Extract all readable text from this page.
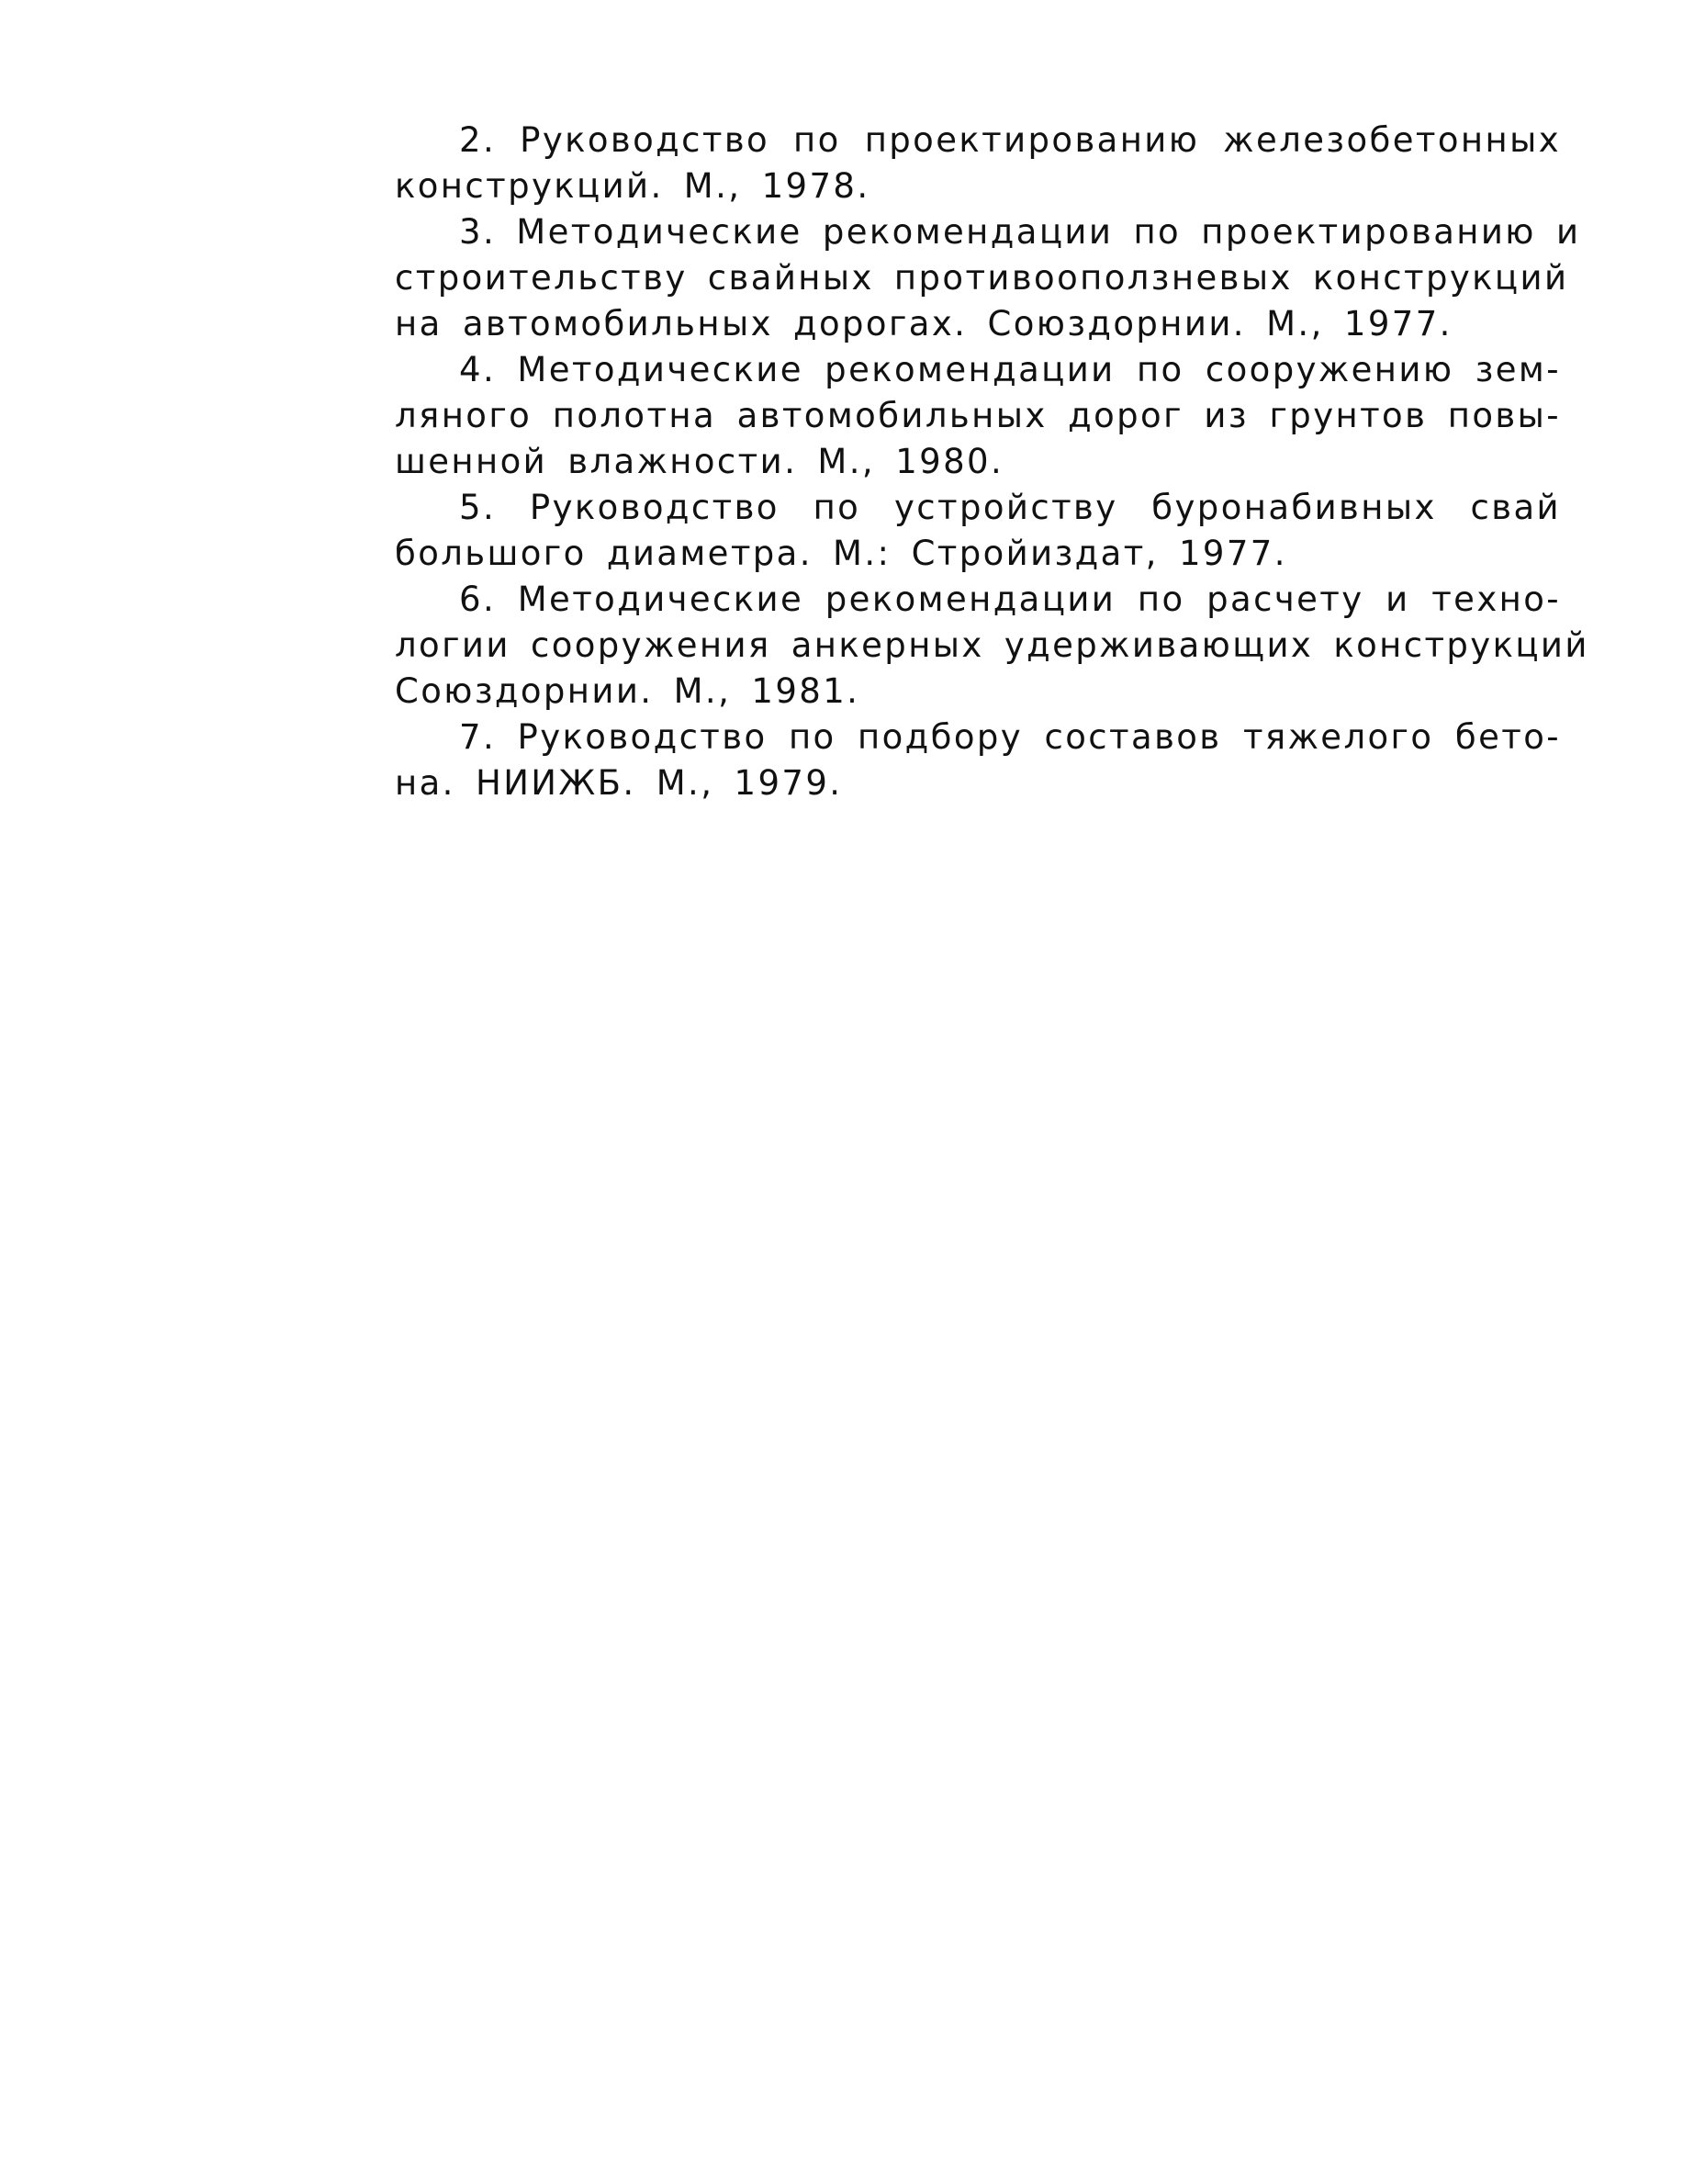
2. Руководство по проектированию железобетонных
конструкций. М., 1978.
3. Методические рекомендации по проектированию и
строительству свайных противооползневых конструкций
на автомобильных дорогах. Союздорнии. М., 1977.
4. Методические рекомендации по сооружению зем-
ляного полотна автомобильных дорог из грунтов повы-
шенной влажности. М., 1980.
5. Руководство по устройству буронабивных свай
большого диаметра. М.: Стройиздат, 1977.
6. Методические рекомендации по расчету и техно-
логии сооружения анкерных удерживающих конструкций
Союздорнии. М., 1981.
7. Руководство по подбору составов тяжелого бето-
на. НИИЖБ. М., 1979.
